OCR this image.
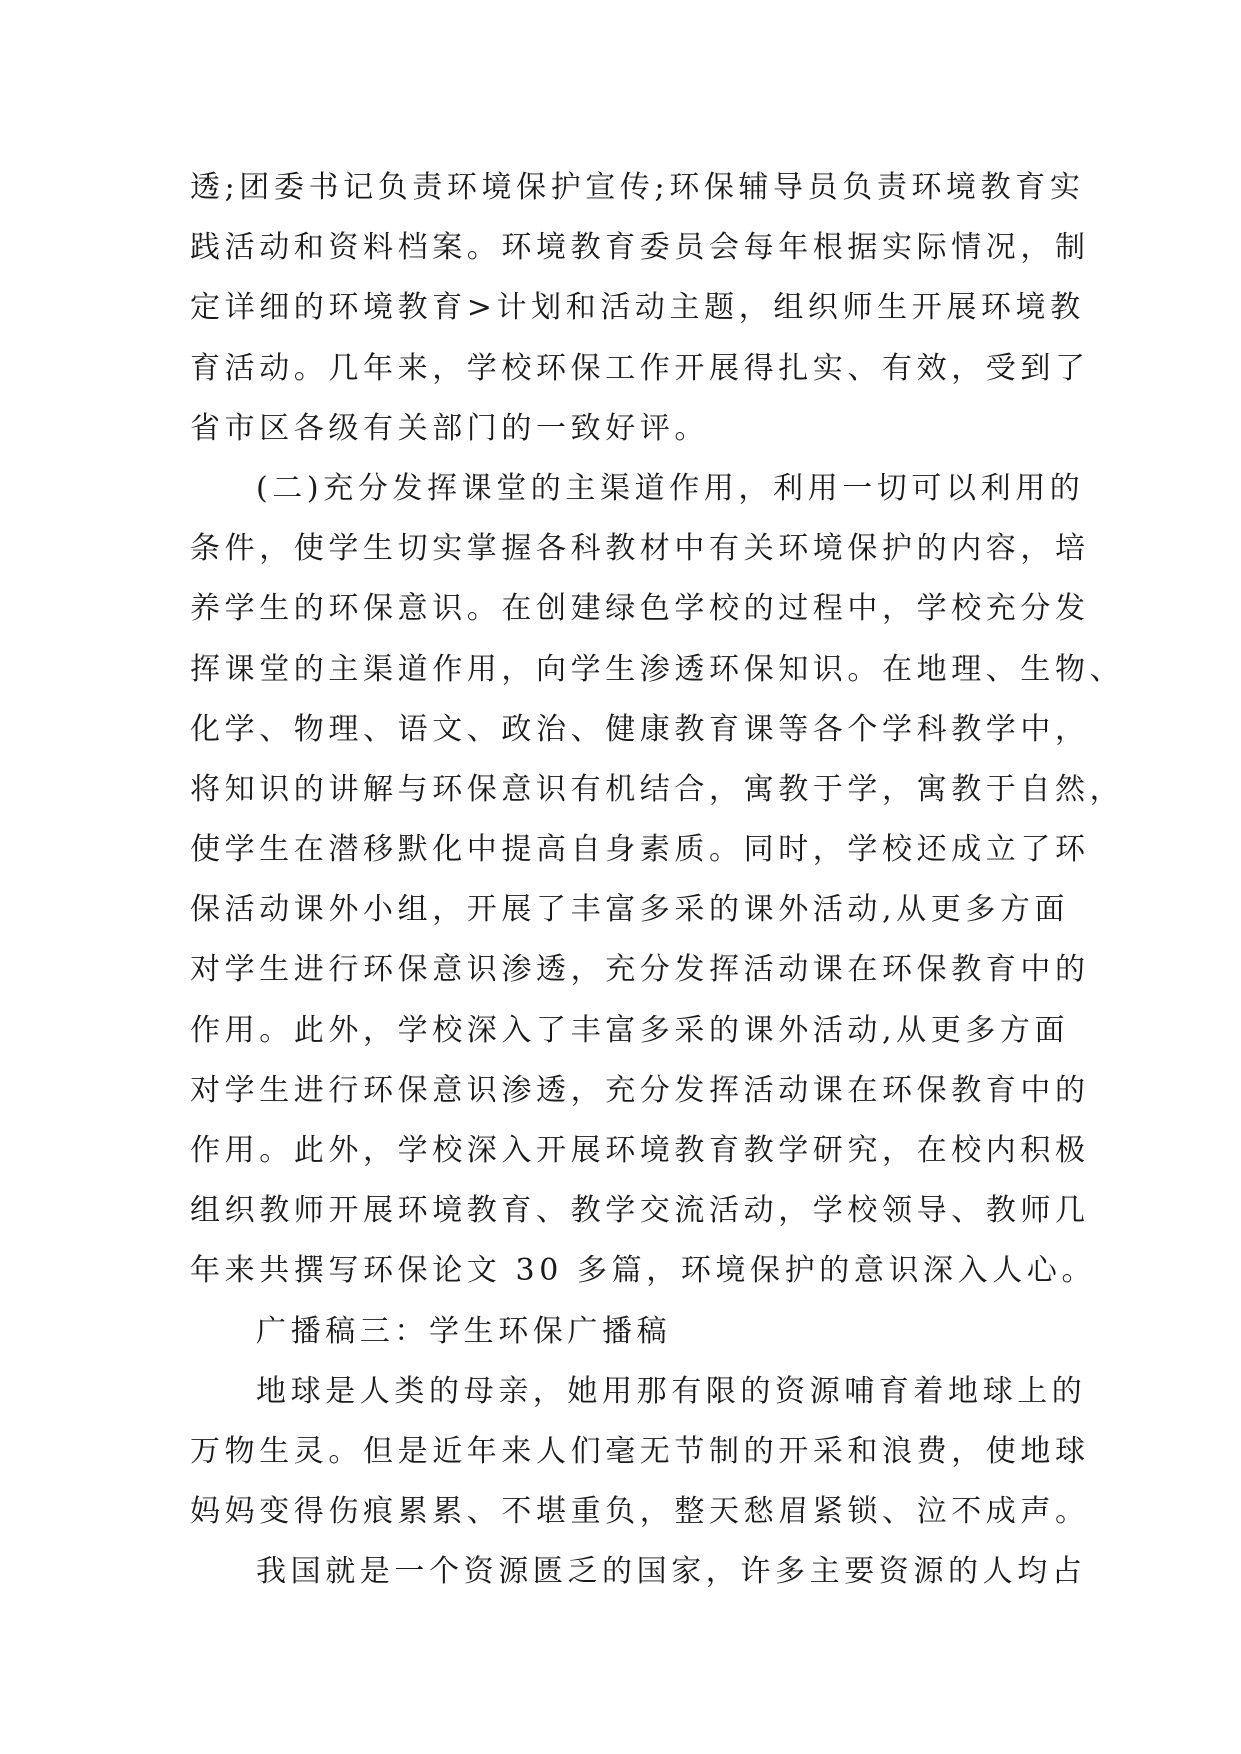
透;团委书记负责环境保护宣传;环保辅导员负责环境教育实
践活动和资料档案。环境教育委员会每年根据实际情况，制
定详细的环境教育>计划和活动主题，组织师生开展环境教
育活动。几年来，学校环保工作开展得扎实、有效，受到了
省市区各级有关部门的一致好评。
(二)充分发挥课堂的主渠道作用，利用一切可以利用的
条件，使学生切实掌握各科教材中有关环境保护的内容，培
养学生的环保意识。在创建绿色学校的过程中，学校充分发
挥课堂的主渠道作用，向学生渗透环保知识。在地理、生物、
化学、物理、语文、政治、健康教育课等各个学科教学中，
将知识的讲解与环保意识有机结合，寓教于学，寓教于自然，
使学生在潜移默化中提高自身素质。同时，学校还成立了环
保活动课外小组，开展了丰富多采的课外活动,从更多方面
对学生进行环保意识渗透，充分发挥活动课在环保教育中的
作用。此外，学校深入了丰富多采的课外活动,从更多方面
对学生进行环保意识渗透，充分发挥活动课在环保教育中的
作用。此外，学校深入开展环境教育教学研究，在校内积极
组织教师开展环境教育、教学交流活动，学校领导、教师几
年来共撰写环保论文 30 多篇，环境保护的意识深入人心。
广播稿三：学生环保广播稿
地球是人类的母亲，她用那有限的资源哺育着地球上的
万物生灵。但是近年来人们毫无节制的开采和浪费，使地球
妈妈变得伤痕累累、不堪重负，整天愁眉紧锁、泣不成声。
我国就是一个资源匮乏的国家，许多主要资源的人均占
